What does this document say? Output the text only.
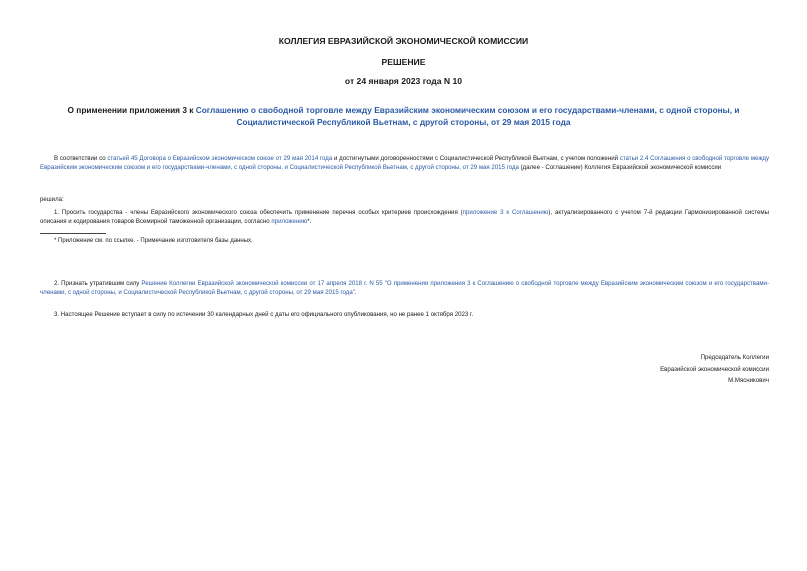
КОЛЛЕГИЯ ЕВРАЗИЙСКОЙ ЭКОНОМИЧЕСКОЙ КОМИССИИ
РЕШЕНИЕ
от 24 января 2023 года N 10
О применении приложения 3 к Соглашению о свободной торговле между Евразийским экономическим союзом и его государствами-членами, с одной стороны, и Социалистической Республикой Вьетнам, с другой стороны, от 29 мая 2015 года
В соответствии со статьей 45 Договора о Евразийском экономическом союзе от 29 мая 2014 года и достигнутыми договоренностями с Социалистической Республикой Вьетнам, с учетом положений статьи 2.4 Соглашения о свободной торговле между Евразийским экономическим союзом и его государствами-членами, с одной стороны, и Социалистической Республикой Вьетнам, с другой стороны, от 29 мая 2015 года (далее - Соглашение) Коллегия Евразийской экономической комиссии
решила:
1. Просить государства - члены Евразийского экономического союза обеспечить применение перечня особых критериев происхождения (приложение 3 к Соглашению), актуализированного с учетом 7-й редакции Гармонизированной системы описания и кодирования товаров Всемирной таможенной организации, согласно приложению*.
* Приложение см. по ссылке. - Примечание изготовителя базы данных.
2. Признать утратившим силу Решение Коллегии Евразийской экономической комиссии от 17 апреля 2018 г. N 55 "О применении приложения 3 к Соглашению о свободной торговле между Евразийским экономическим союзом и его государствами-членами, с одной стороны, и Социалистической Республикой Вьетнам, с другой стороны, от 29 мая 2015 года".
3. Настоящее Решение вступает в силу по истечении 30 календарных дней с даты его официального опубликования, но не ранее 1 октября 2023 г.
Председатель Коллегии
Евразийской экономической комиссии
М.Мясникович
